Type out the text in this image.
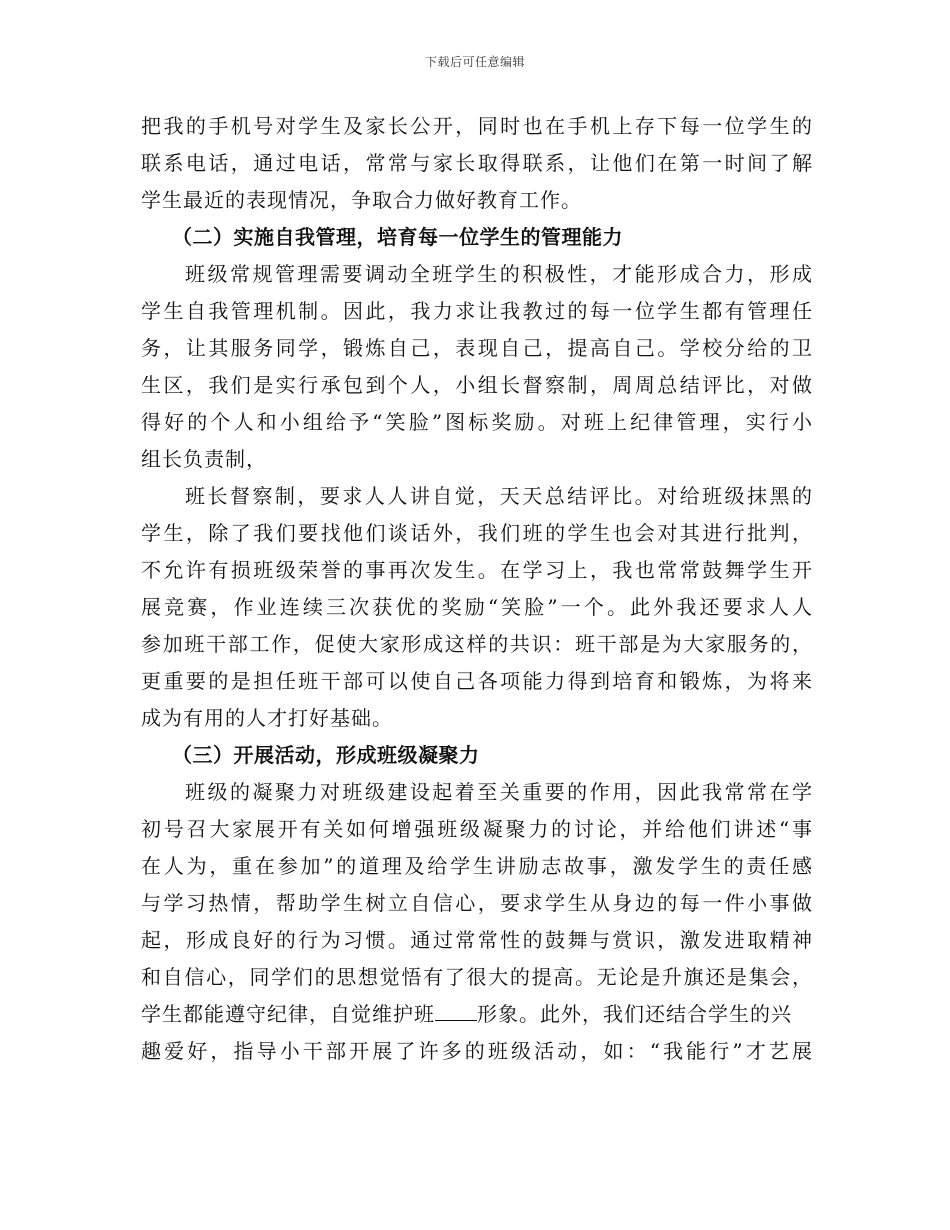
下载后可任意编辑
把我的手机号对学生及家长公开，同时也在手机上存下每一位学生的
联系电话，通过电话，常常与家长取得联系，让他们在第一时间了解
学生最近的表现情况，争取合力做好教育工作。
（二）实施自我管理，培育每一位学生的管理能力
班级常规管理需要调动全班学生的积极性，才能形成合力，形成
学生自我管理机制。因此，我力求让我教过的每一位学生都有管理任
务，让其服务同学，锻炼自己，表现自己，提高自己。学校分给的卫
生区，我们是实行承包到个人，小组长督察制，周周总结评比，对做
得好的个人和小组给予“笑脸”图标奖励。对班上纪律管理，实行小
组长负责制，
班长督察制，要求人人讲自觉，天天总结评比。对给班级抹黑的
学生，除了我们要找他们谈话外，我们班的学生也会对其进行批判，
不允许有损班级荣誉的事再次发生。在学习上，我也常常鼓舞学生开
展竞赛，作业连续三次获优的奖励“笑脸”一个。此外我还要求人人
参加班干部工作，促使大家形成这样的共识：班干部是为大家服务的，
更重要的是担任班干部可以使自己各项能力得到培育和锻炼，为将来
成为有用的人才打好基础。
（三）开展活动，形成班级凝聚力
班级的凝聚力对班级建设起着至关重要的作用，因此我常常在学
初号召大家展开有关如何增强班级凝聚力的讨论，并给他们讲述“事
在人为，重在参加”的道理及给学生讲励志故事，激发学生的责任感
与学习热情，帮助学生树立自信心，要求学生从身边的每一件小事做
起，形成良好的行为习惯。通过常常性的鼓舞与赏识，激发进取精神
和自信心，同学们的思想觉悟有了很大的提高。无论是升旗还是集会，
学生都能遵守纪律，自觉维护班 形象。此外，我们还结合学生的兴
趣爱好，指导小干部开展了许多的班级活动，如：“我能行”才艺展
